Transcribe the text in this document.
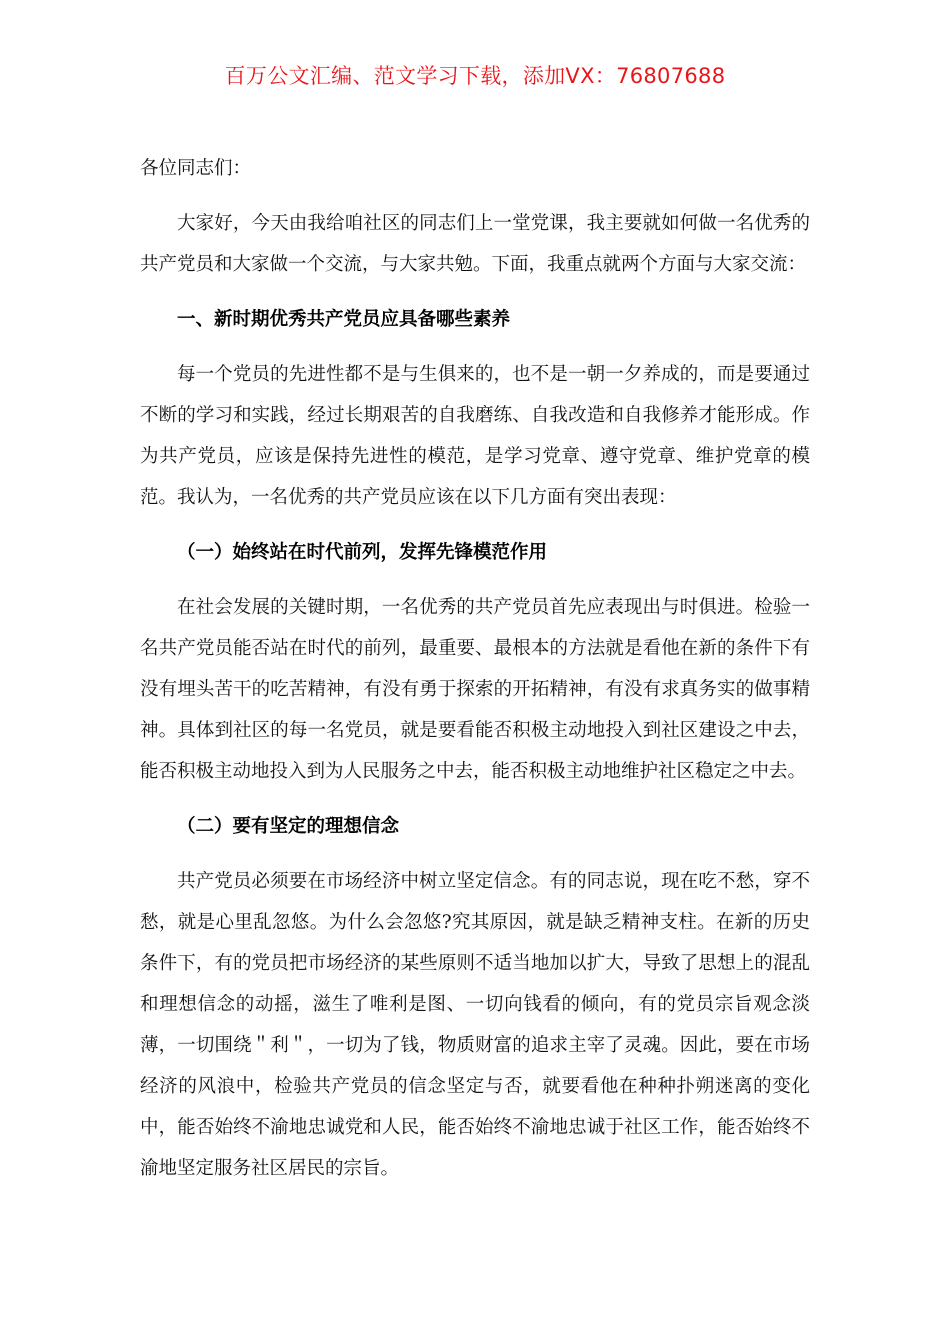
百万公文汇编、范文学习下载，添加VX：76807688

各位同志们：

大家好，今天由我给咱社区的同志们上一堂党课，我主要就如何做一名优秀的共产党员和大家做一个交流，与大家共勉。下面，我重点就两个方面与大家交流：

一、新时期优秀共产党员应具备哪些素养

每一个党员的先进性都不是与生俱来的，也不是一朝一夕养成的，而是要通过不断的学习和实践，经过长期艰苦的自我磨练、自我改造和自我修养才能形成。作为共产党员，应该是保持先进性的模范，是学习党章、遵守党章、维护党章的模范。我认为，一名优秀的共产党员应该在以下几方面有突出表现：

（一）始终站在时代前列，发挥先锋模范作用

在社会发展的关键时期，一名优秀的共产党员首先应表现出与时俱进。检验一名共产党员能否站在时代的前列，最重要、最根本的方法就是看他在新的条件下有没有埋头苦干的吃苦精神，有没有勇于探索的开拓精神，有没有求真务实的做事精神。具体到社区的每一名党员，就是要看能否积极主动地投入到社区建设之中去，能否积极主动地投入到为人民服务之中去，能否积极主动地维护社区稳定之中去。

（二）要有坚定的理想信念

共产党员必须要在市场经济中树立坚定信念。有的同志说，现在吃不愁，穿不愁，就是心里乱忽悠。为什么会忽悠?究其原因，就是缺乏精神支柱。在新的历史条件下，有的党员把市场经济的某些原则不适当地加以扩大，导致了思想上的混乱和理想信念的动摇，滋生了唯利是图、一切向钱看的倾向，有的党员宗旨观念淡薄，一切围绕＂利＂，一切为了钱，物质财富的追求主宰了灵魂。因此，要在市场经济的风浪中，检验共产党员的信念坚定与否，就要看他在种种扑朔迷离的变化中，能否始终不渝地忠诚党和人民，能否始终不渝地忠诚于社区工作，能否始终不渝地坚定服务社区居民的宗旨。
